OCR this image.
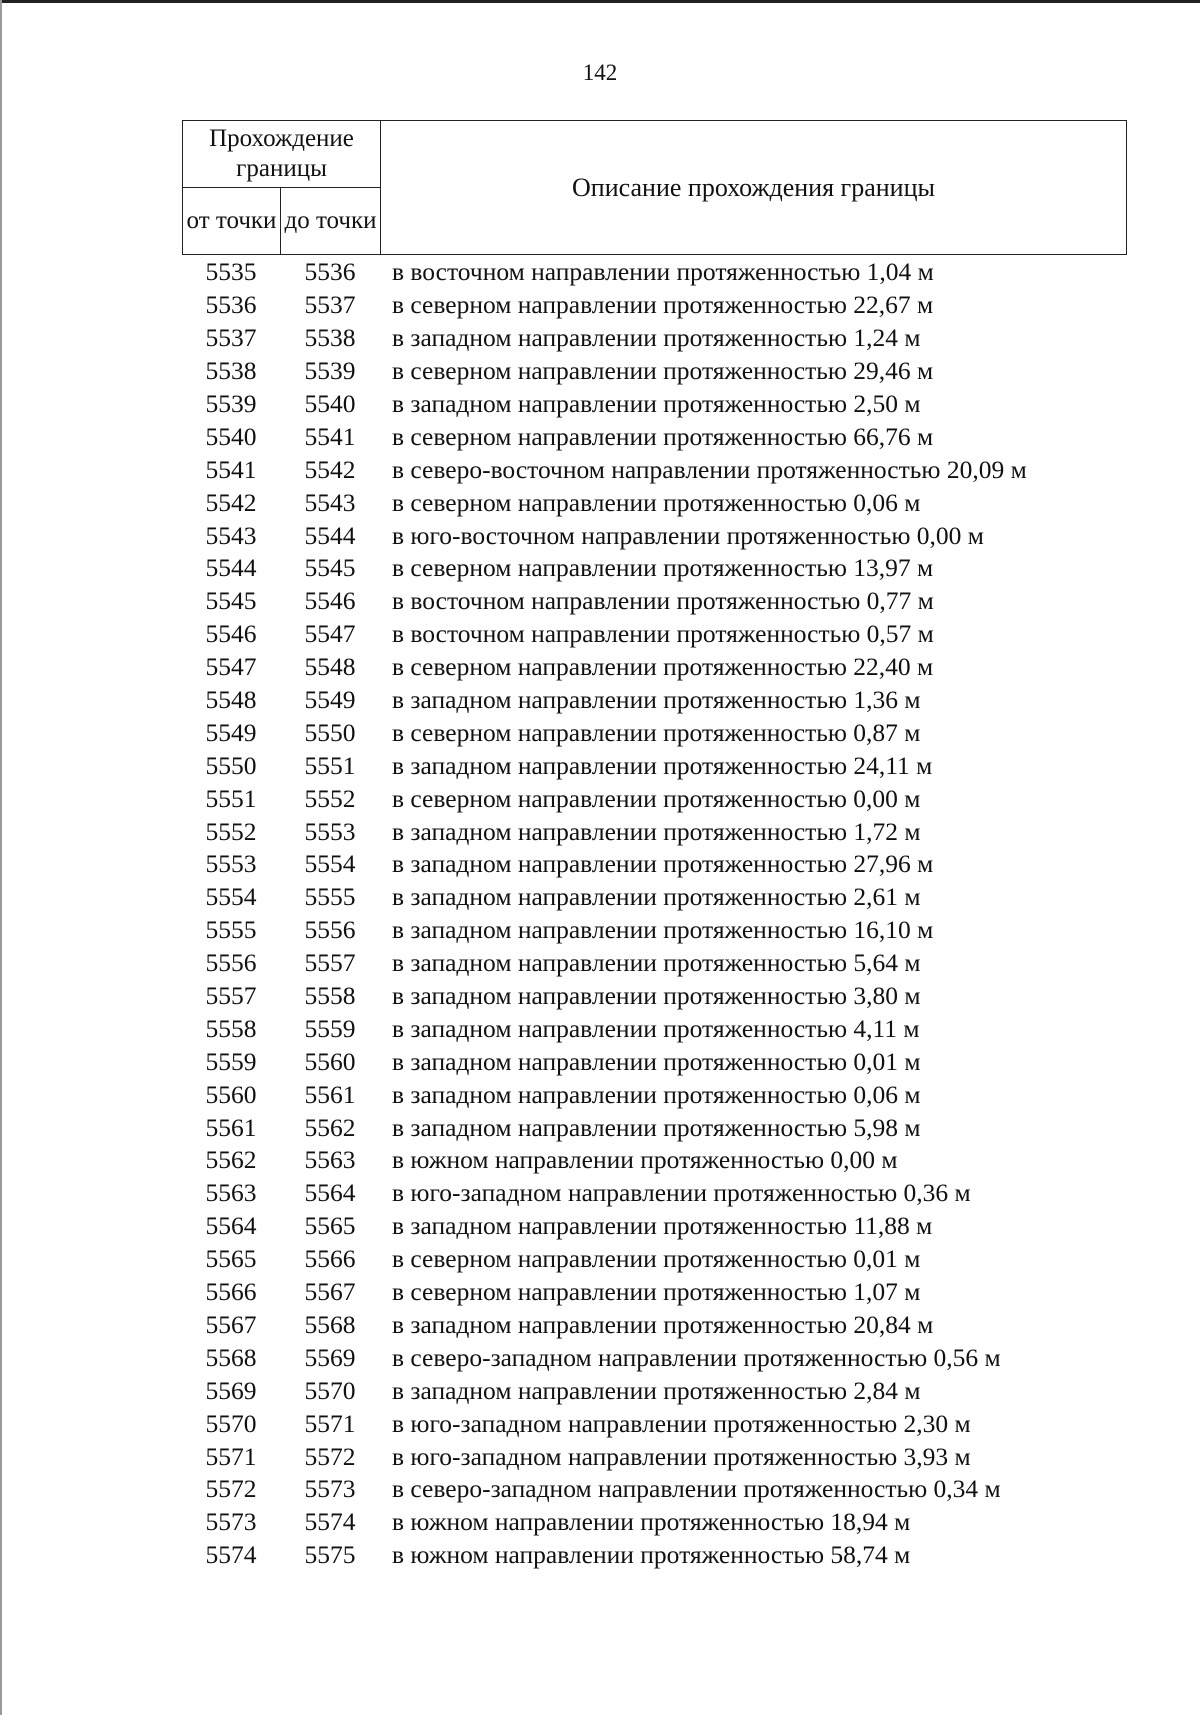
142
Прохождение границы		Описание прохождения границы
от точки	до точки	
5535	5536	в восточном направлении протяженностью 1,04 м
5536	5537	в северном направлении протяженностью 22,67 м
5537	5538	в западном направлении протяженностью 1,24 м
5538	5539	в северном направлении протяженностью 29,46 м
5539	5540	в западном направлении протяженностью 2,50 м
5540	5541	в северном направлении протяженностью 66,76 м
5541	5542	в северо-восточном направлении протяженностью 20,09 м
5542	5543	в северном направлении протяженностью 0,06 м
5543	5544	в юго-восточном направлении протяженностью 0,00 м
5544	5545	в северном направлении протяженностью 13,97 м
5545	5546	в восточном направлении протяженностью 0,77 м
5546	5547	в восточном направлении протяженностью 0,57 м
5547	5548	в северном направлении протяженностью 22,40 м
5548	5549	в западном направлении протяженностью 1,36 м
5549	5550	в северном направлении протяженностью 0,87 м
5550	5551	в западном направлении протяженностью 24,11 м
5551	5552	в северном направлении протяженностью 0,00 м
5552	5553	в западном направлении протяженностью 1,72 м
5553	5554	в западном направлении протяженностью 27,96 м
5554	5555	в западном направлении протяженностью 2,61 м
5555	5556	в западном направлении протяженностью 16,10 м
5556	5557	в западном направлении протяженностью 5,64 м
5557	5558	в западном направлении протяженностью 3,80 м
5558	5559	в западном направлении протяженностью 4,11 м
5559	5560	в западном направлении протяженностью 0,01 м
5560	5561	в западном направлении протяженностью 0,06 м
5561	5562	в западном направлении протяженностью 5,98 м
5562	5563	в южном направлении протяженностью 0,00 м
5563	5564	в юго-западном направлении протяженностью 0,36 м
5564	5565	в западном направлении протяженностью 11,88 м
5565	5566	в северном направлении протяженностью 0,01 м
5566	5567	в северном направлении протяженностью 1,07 м
5567	5568	в западном направлении протяженностью 20,84 м
5568	5569	в северо-западном направлении протяженностью 0,56 м
5569	5570	в западном направлении протяженностью 2,84 м
5570	5571	в юго-западном направлении протяженностью 2,30 м
5571	5572	в юго-западном направлении протяженностью 3,93 м
5572	5573	в северо-западном направлении протяженностью 0,34 м
5573	5574	в южном направлении протяженностью 18,94 м
5574	5575	в южном направлении протяженностью 58,74 м
